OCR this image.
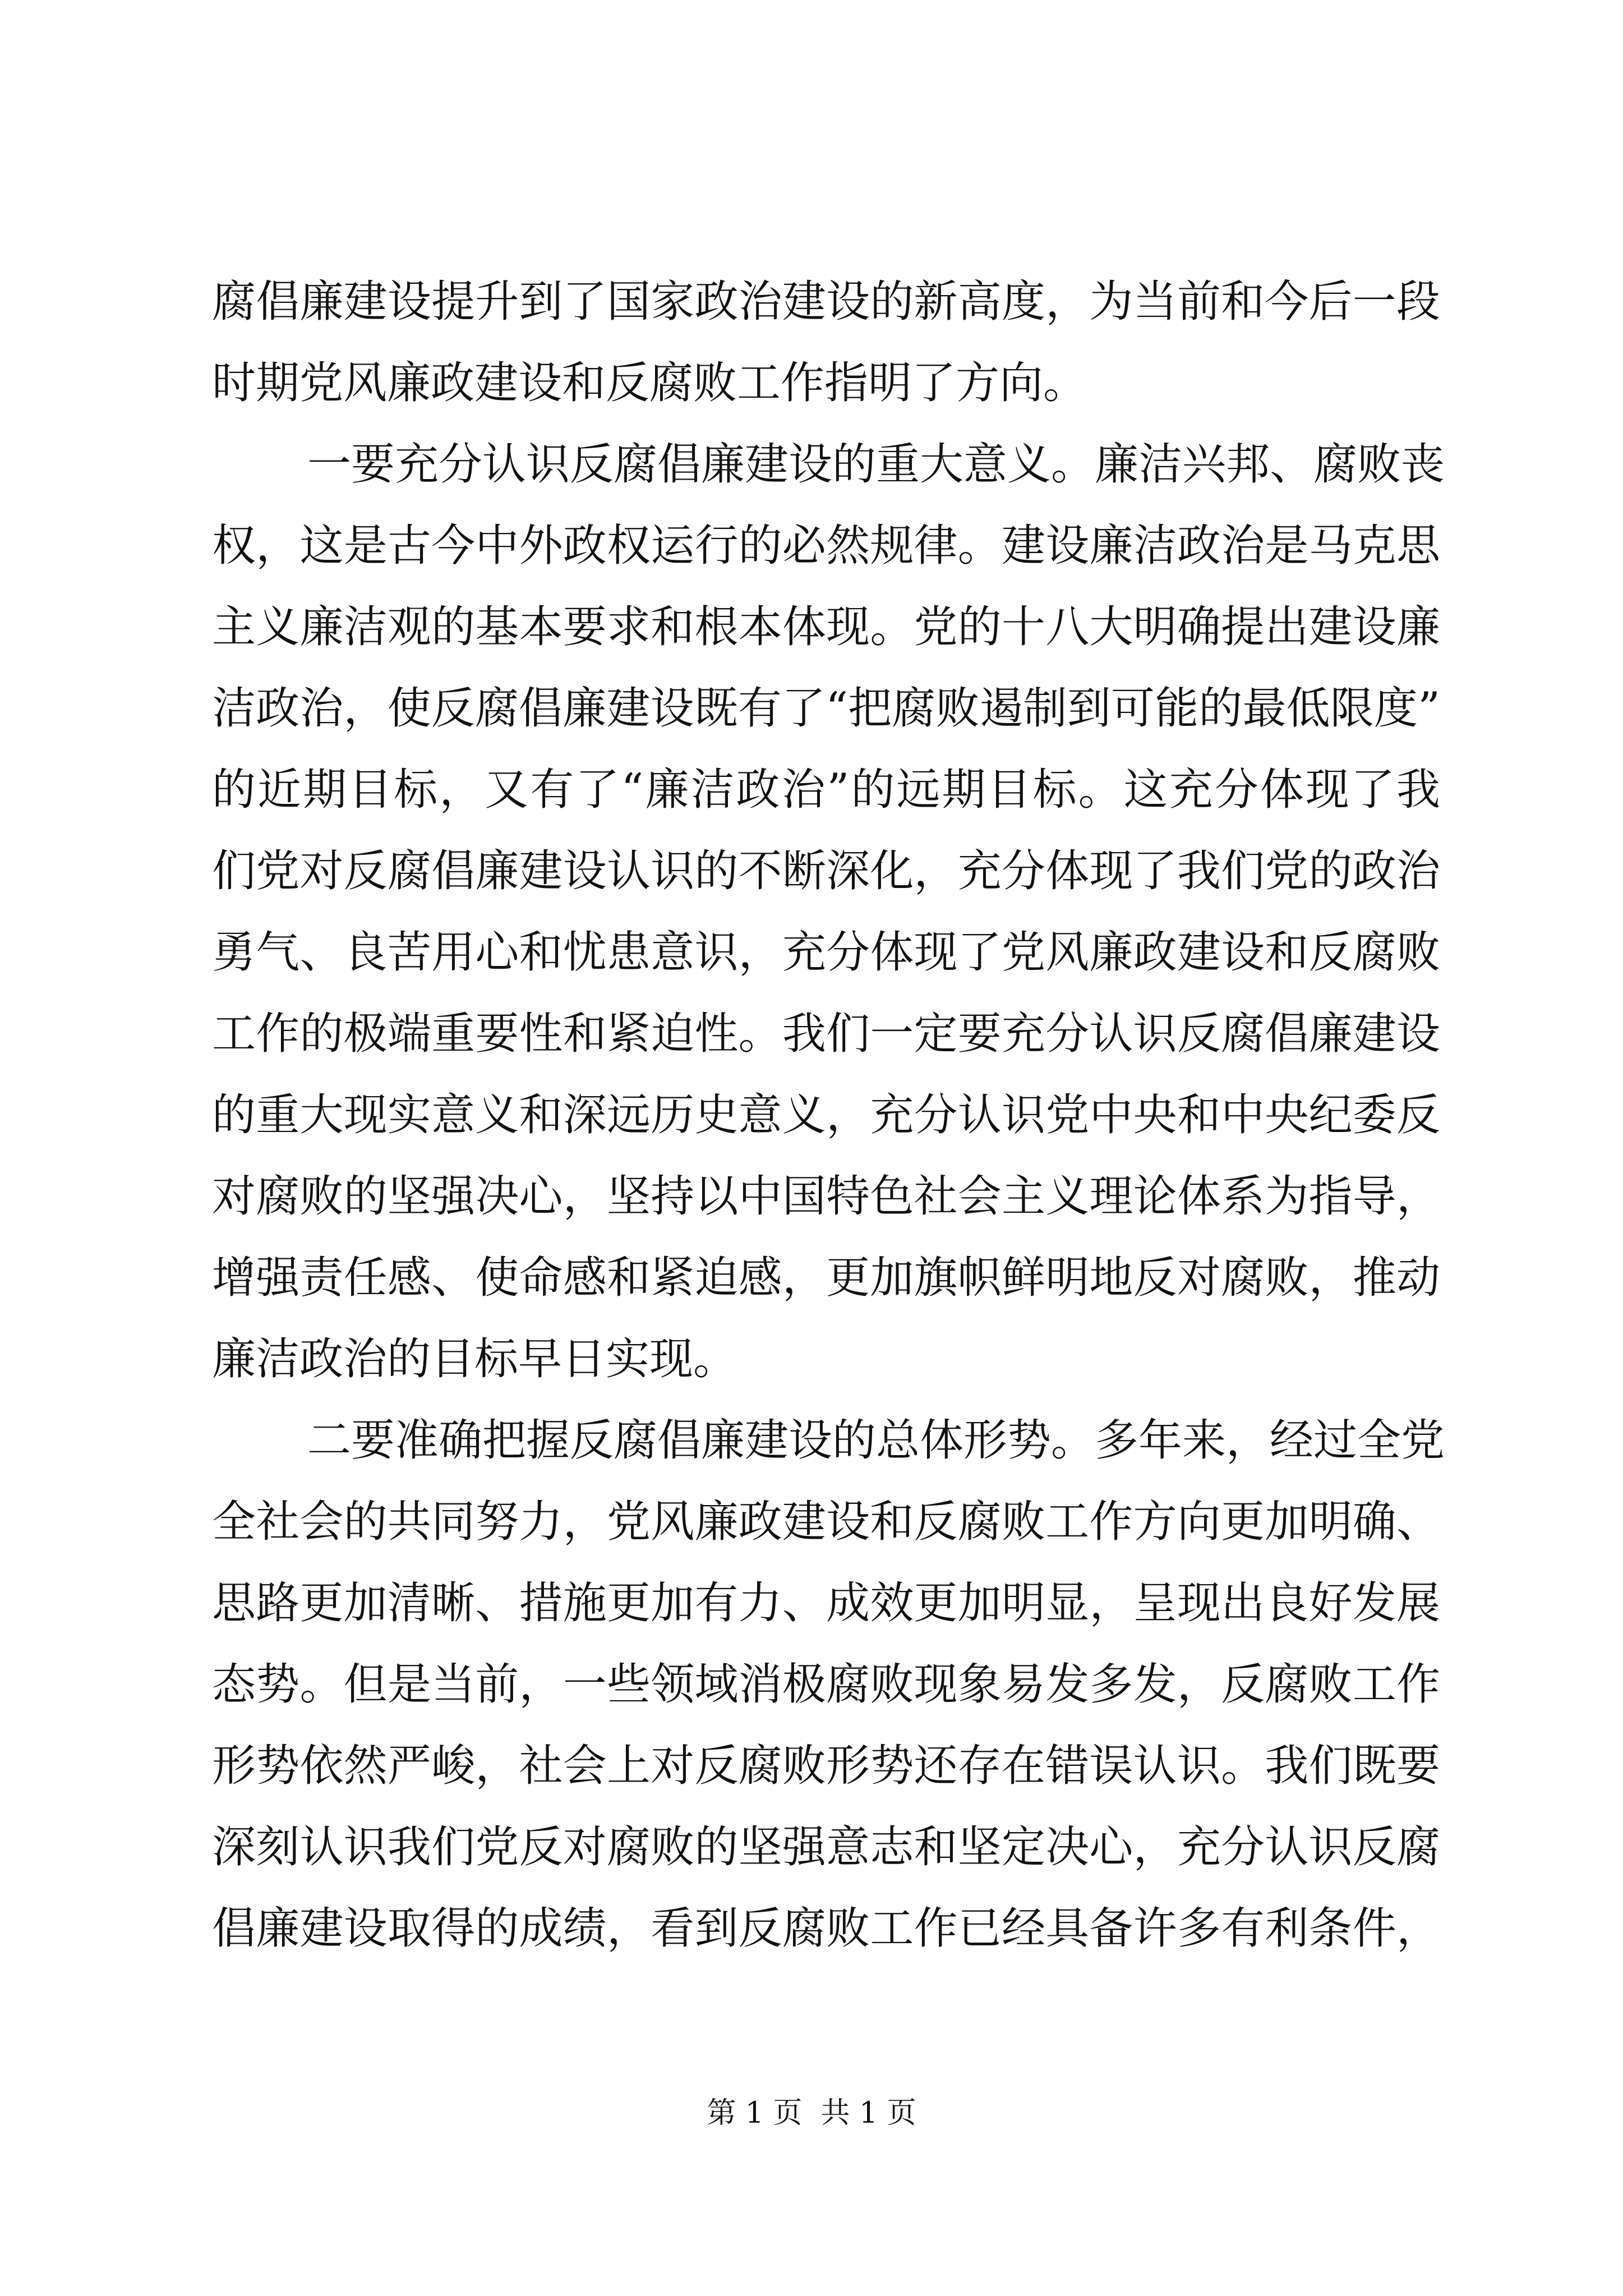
腐倡廉建设提升到了国家政治建设的新高度，为当前和今后一段
时期党风廉政建设和反腐败工作指明了方向。
一要充分认识反腐倡廉建设的重大意义。廉洁兴邦、腐败丧
权，这是古今中外政权运行的必然规律。建设廉洁政治是马克思
主义廉洁观的基本要求和根本体现。党的十八大明确提出建设廉
洁政治，使反腐倡廉建设既有了“把腐败遏制到可能的最低限度”
的近期目标，又有了“廉洁政治”的远期目标。这充分体现了我
们党对反腐倡廉建设认识的不断深化，充分体现了我们党的政治
勇气、良苦用心和忧患意识，充分体现了党风廉政建设和反腐败
工作的极端重要性和紧迫性。我们一定要充分认识反腐倡廉建设
的重大现实意义和深远历史意义，充分认识党中央和中央纪委反
对腐败的坚强决心，坚持以中国特色社会主义理论体系为指导，
增强责任感、使命感和紧迫感，更加旗帜鲜明地反对腐败，推动
廉洁政治的目标早日实现。
二要准确把握反腐倡廉建设的总体形势。多年来，经过全党
全社会的共同努力，党风廉政建设和反腐败工作方向更加明确、
思路更加清晰、措施更加有力、成效更加明显，呈现出良好发展
态势。但是当前，一些领域消极腐败现象易发多发，反腐败工作
形势依然严峻，社会上对反腐败形势还存在错误认识。我们既要
深刻认识我们党反对腐败的坚强意志和坚定决心，充分认识反腐
倡廉建设取得的成绩，看到反腐败工作已经具备许多有利条件，
第 1 页  共 1 页
